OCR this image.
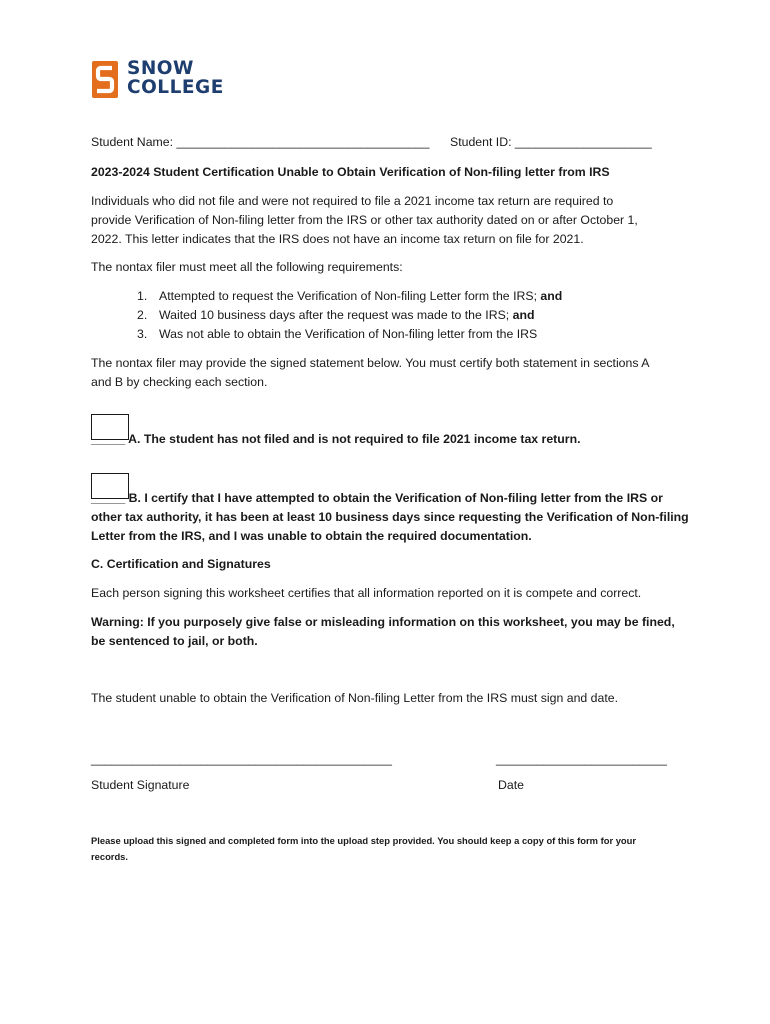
SNOW
COLLEGE
Student Name: _____________________________________ Student ID: ____________________
2023-2024 Student Certification Unable to Obtain Verification of Non-filing letter from IRS
Individuals who did not file and were not required to file a 2021 income tax return are required to
provide Verification of Non-filing letter from the IRS or other tax authority dated on or after October 1,
2022. This letter indicates that the IRS does not have an income tax return on file for 2021.
The nontax filer must meet all the following requirements:
1. Attempted to request the Verification of Non-filing Letter form the IRS; and
2. Waited 10 business days after the request was made to the IRS; and
3. Was not able to obtain the Verification of Non-filing letter from the IRS
The nontax filer may provide the signed statement below. You must certify both statement in sections A
and B by checking each section.
_____ A. The student has not filed and is not required to file 2021 income tax return.
_____ B. I certify that I have attempted to obtain the Verification of Non-filing letter from the IRS or
other tax authority, it has been at least 10 business days since requesting the Verification of Non-filing
Letter from the IRS, and I was unable to obtain the required documentation.
C. Certification and Signatures
Each person signing this worksheet certifies that all information reported on it is compete and correct.
Warning: If you purposely give false or misleading information on this worksheet, you may be fined,
be sentenced to jail, or both.
The student unable to obtain the Verification of Non-filing Letter from the IRS must sign and date.
____________________________________________	_________________________
Student Signature	Date
Please upload this signed and completed form into the upload step provided. You should keep a copy of this form for your
records.
